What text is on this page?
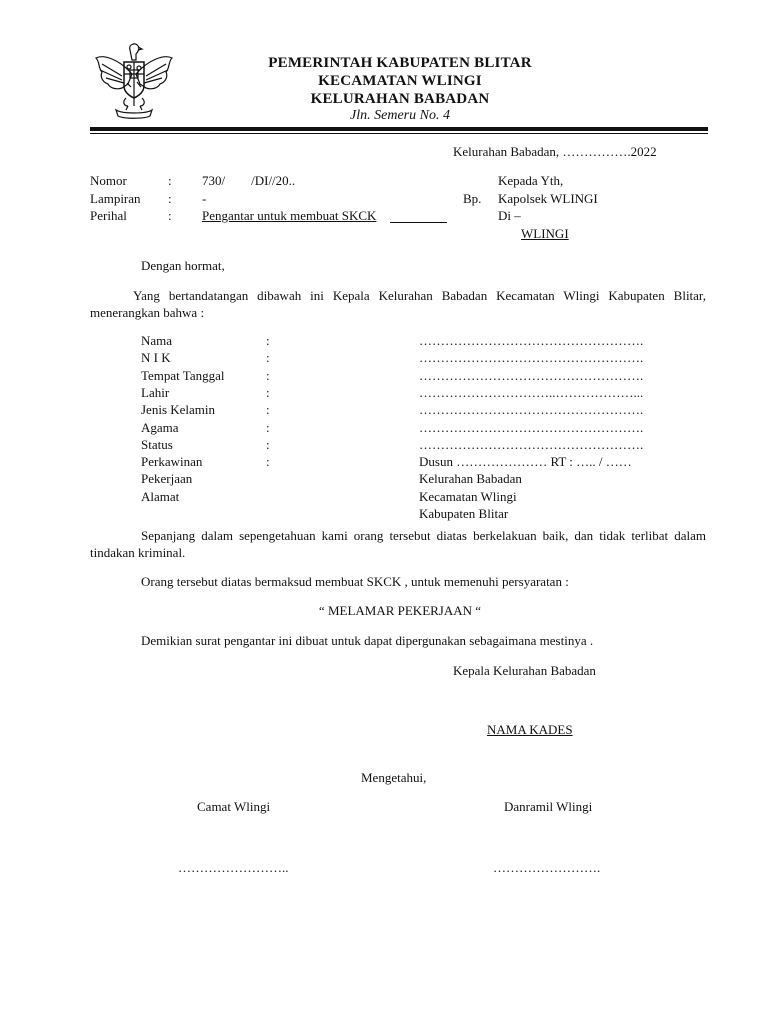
PEMERINTAH KABUPATEN BLITAR
KECAMATAN WLINGI
KELURAHAN BABADAN
Jln. Semeru No. 4
Kelurahan Babadan, …………….2022
Nomor	: 730/        /DI//20..
Lampiran : -
Perihal	: Pengantar untuk membuat SKCK
Kepada Yth,
Bp. Kapolsek WLINGI
Di –
WLINGI
Dengan hormat,
Yang bertandatangan dibawah ini Kepala Kelurahan Babadan Kecamatan Wlingi Kabupaten Blitar, menerangkan bahwa :
Nama	:	…………………………………………….
N I K	:	…………………………………………….
Tempat Tanggal	:	…………………………………………….
Lahir	:	…………………………..………………...
Jenis Kelamin	:	…………………………………………….
Agama	:	…………………………………………….
Status	:	…………………………………………….
Perkawinan	:	Dusun ………………… RT : ….. / ……
Pekerjaan	Kelurahan Babadan
Alamat	Kecamatan Wlingi
Kabupaten Blitar
Sepanjang dalam sepengetahuan kami orang tersebut diatas berkelakuan baik, dan tidak terlibat dalam tindakan kriminal.
Orang tersebut diatas bermaksud membuat SKCK , untuk memenuhi persyaratan :
“ MELAMAR PEKERJAAN “
Demikian surat pengantar ini dibuat untuk dapat dipergunakan sebagaimana mestinya .
Kepala Kelurahan Babadan
NAMA KADES
Mengetahui,
Camat Wlingi	Danramil Wlingi
……………………..	…………………….
